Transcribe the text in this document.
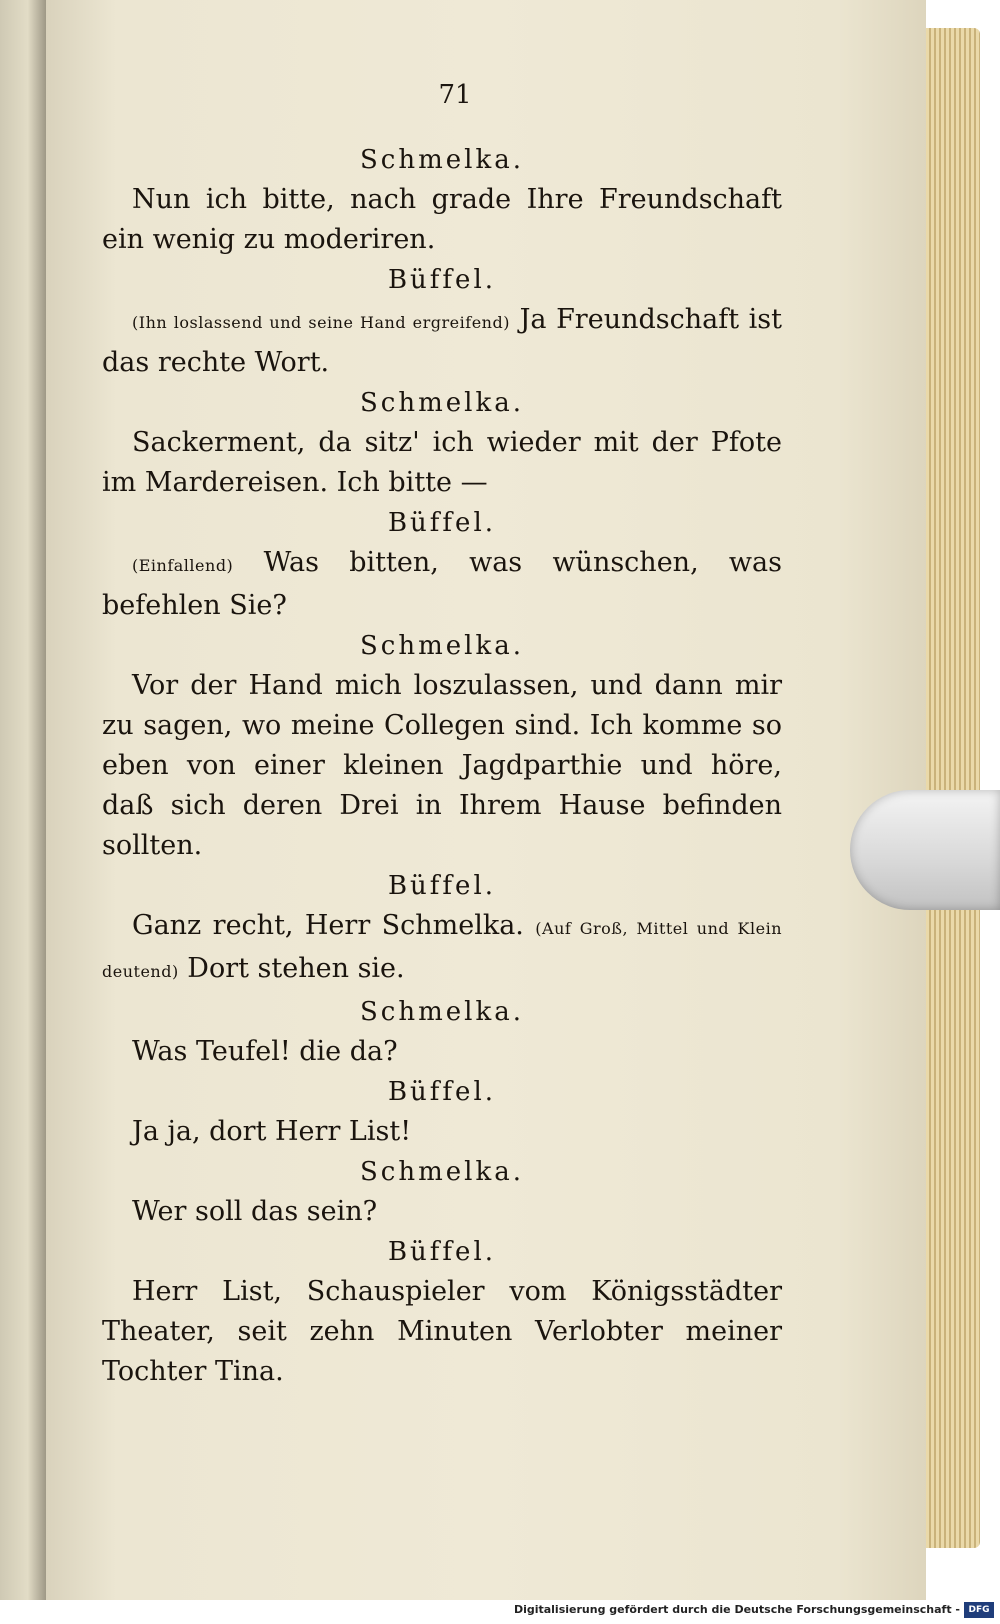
71

Schmelka.

Nun ich bitte, nach grade Ihre Freundschaft ein wenig zu moderiren.

Büffel.

(Ihn loslassend und seine Hand ergreifend) Ja Freundschaft ist das rechte Wort.

Schmelka.

Sackerment, da sitz' ich wieder mit der Pfote im Mardereisen. Ich bitte —

Büffel.

(Einfallend) Was bitten, was wünschen, was befehlen Sie?

Schmelka.

Vor der Hand mich loszulassen, und dann mir zu sagen, wo meine Collegen sind. Ich komme so eben von einer kleinen Jagdparthie und höre, daß sich deren Drei in Ihrem Hause befinden sollten.

Büffel.

Ganz recht, Herr Schmelka. (Auf Groß, Mittel und Klein deutend) Dort stehen sie.

Schmelka.

Was Teufel! die da?

Büffel.

Ja ja, dort Herr List!

Schmelka.

Wer soll das sein?

Büffel.

Herr List, Schauspieler vom Königsstädter Theater, seit zehn Minuten Verlobter meiner Tochter Tina.

Digitalisierung gefördert durch die Deutsche Forschungsgemeinschaft - DFG
